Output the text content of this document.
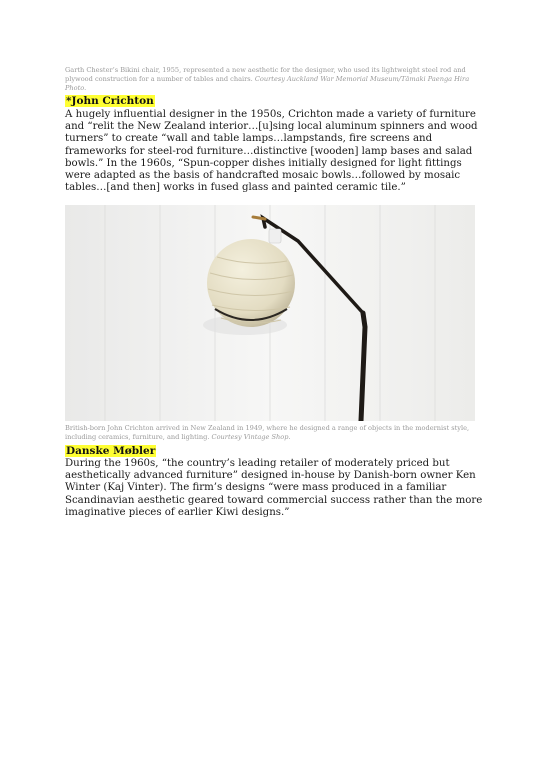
Garth Chester’s Bikini chair, 1955, represented a new aesthetic for the designer, who used its lightweight steel rod and plywood construction for a number of tables and chairs. Courtesy Auckland War Memorial Museum/Tāmaki Paenga Hira Photo.
*John Crichton
A hugely influential designer in the 1950s, Crichton made a variety of furniture and “relit the New Zealand interior…[u]sing local aluminum spinners and wood turners” to create “wall and table lamps…lampstands, fire screens and frameworks for steel-rod furniture…distinctive [wooden] lamp bases and salad bowls.” In the 1960s, “Spun-copper dishes initially designed for light fittings were adapted as the basis of handcrafted mosaic bowls…followed by mosaic tables…[and then] works in fused glass and painted ceramic tile.”
British-born John Crichton arrived in New Zealand in 1949, where he designed a range of objects in the modernist style, including ceramics, furniture, and lighting. Courtesy Vintage Shop.
Danske Møbler
During the 1960s, “the country’s leading retailer of moderately priced but aesthetically advanced furniture” designed in-house by Danish-born owner Ken Winter (Kaj Vinter). The firm’s designs “were mass produced in a familiar Scandinavian aesthetic geared toward commercial success rather than the more imaginative pieces of earlier Kiwi designs.”
